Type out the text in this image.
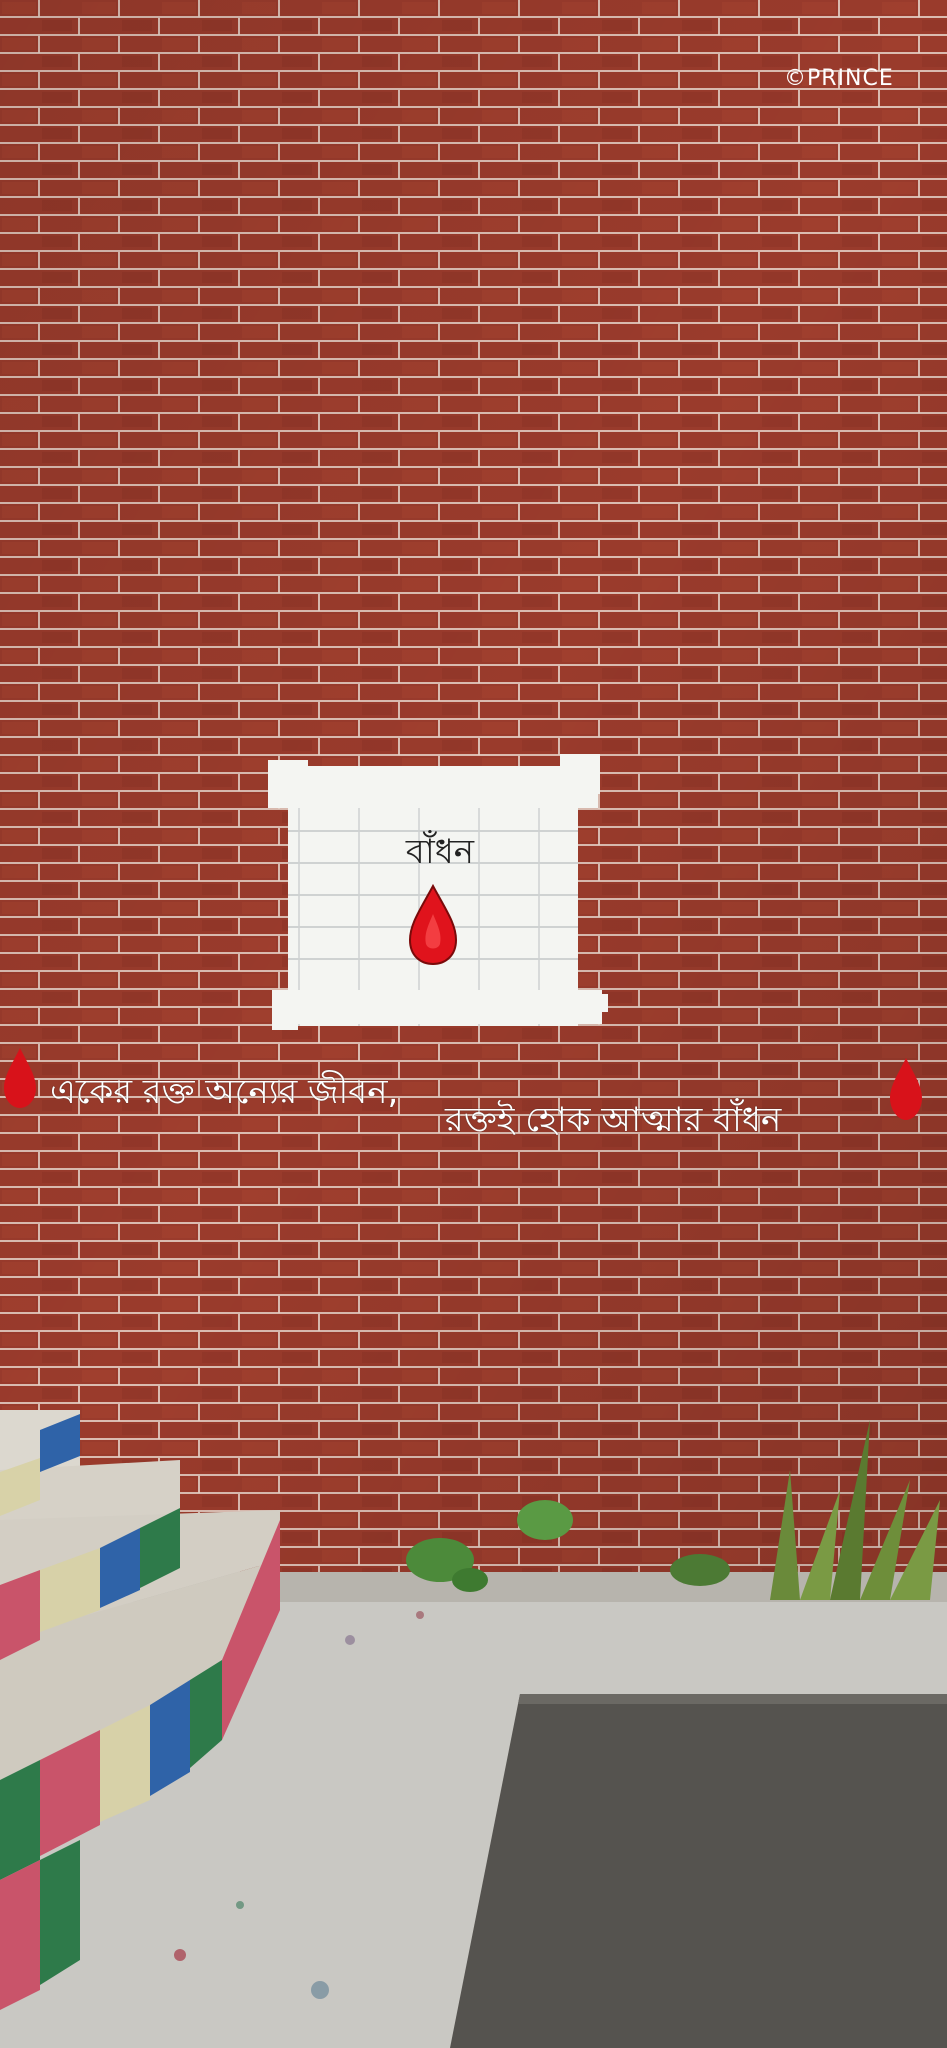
©PRINCE
বাঁধন
একের রক্ত অন্যের জীবন,
রক্তই হোক আত্মার বাঁধন
